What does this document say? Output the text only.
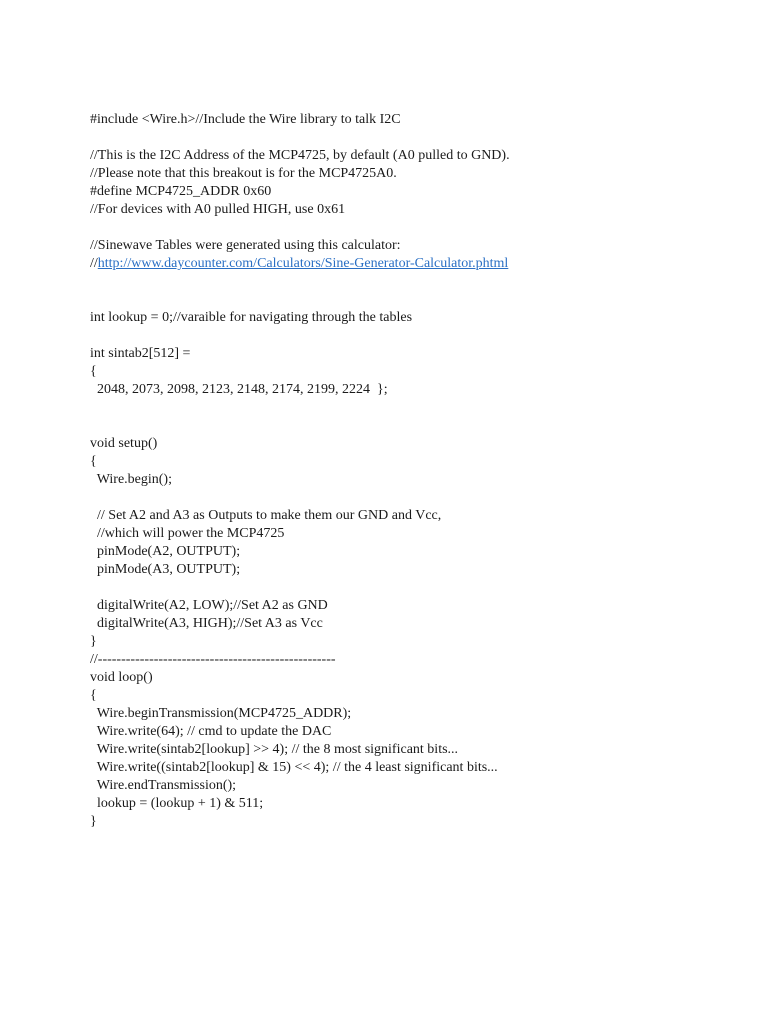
#include <Wire.h>//Include the Wire library to talk I2C
//This is the I2C Address of the MCP4725, by default (A0 pulled to GND).
//Please note that this breakout is for the MCP4725A0.
#define MCP4725_ADDR 0x60
//For devices with A0 pulled HIGH, use 0x61
//Sinewave Tables were generated using this calculator:
//http://www.daycounter.com/Calculators/Sine-Generator-Calculator.phtml
int lookup = 0;//varaible for navigating through the tables
int sintab2[512] =
{
2048, 2073, 2098, 2123, 2148, 2174, 2199, 2224  };
void setup()
{
Wire.begin();
// Set A2 and A3 as Outputs to make them our GND and Vcc,
//which will power the MCP4725
pinMode(A2, OUTPUT);
pinMode(A3, OUTPUT);
digitalWrite(A2, LOW);//Set A2 as GND
digitalWrite(A3, HIGH);//Set A3 as Vcc
}
//---------------------------------------------------
void loop()
{
Wire.beginTransmission(MCP4725_ADDR);
Wire.write(64); // cmd to update the DAC
Wire.write(sintab2[lookup] >> 4); // the 8 most significant bits...
Wire.write((sintab2[lookup] & 15) << 4); // the 4 least significant bits...
Wire.endTransmission();
lookup = (lookup + 1) & 511;
}
